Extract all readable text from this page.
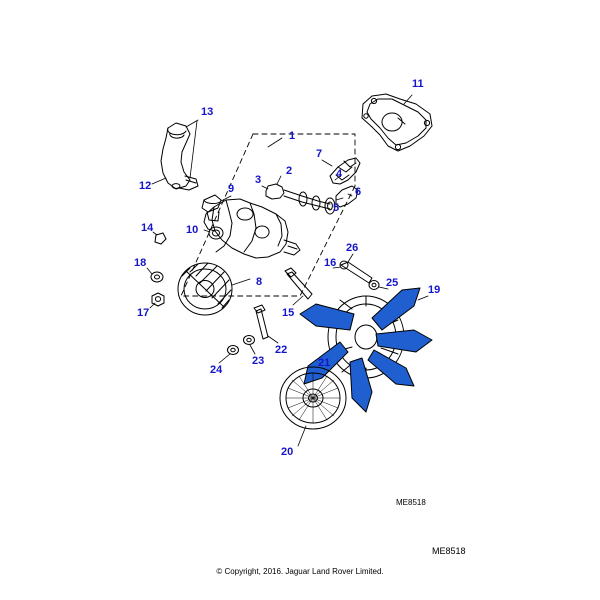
1
2
3	4
5
6
7
8
9
10
11
12
13
14
15
16
17
18
19
20
21
22
23
24
25
26
ME8518
ME8518
© Copyright, 2016. Jaguar Land Rover Limited.
